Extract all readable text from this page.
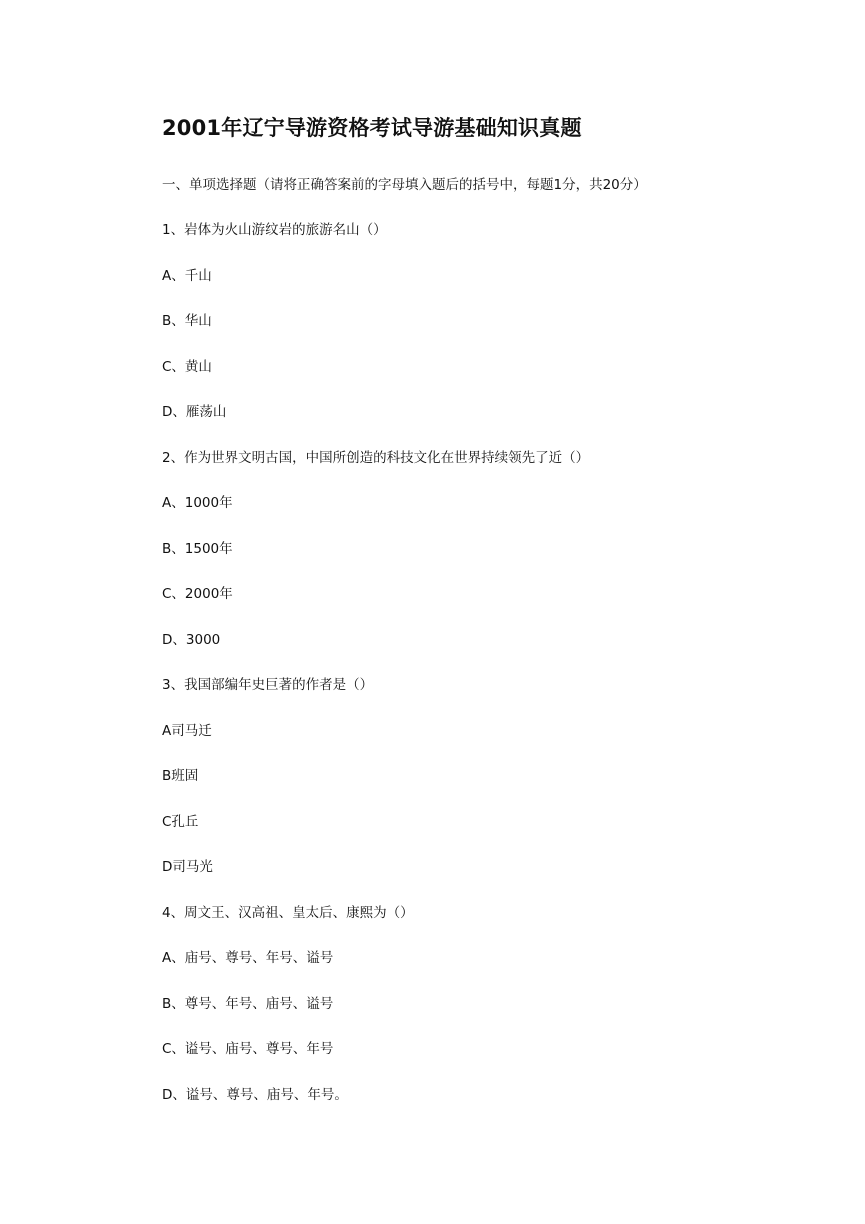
2001年辽宁导游资格考试导游基础知识真题
一、单项选择题（请将正确答案前的字母填入题后的括号中，每题1分，共20分）
1、岩体为火山游纹岩的旅游名山（）
A、千山
B、华山
C、黄山
D、雁荡山
2、作为世界文明古国，中国所创造的科技文化在世界持续领先了近（）
A、1000年
B、1500年
C、2000年
D、3000
3、我国部编年史巨著的作者是（）
A司马迁
B班固
C孔丘
D司马光
4、周文王、汉高祖、皇太后、康熙为（）
A、庙号、尊号、年号、谥号
B、尊号、年号、庙号、谥号
C、谥号、庙号、尊号、年号
D、谥号、尊号、庙号、年号。
